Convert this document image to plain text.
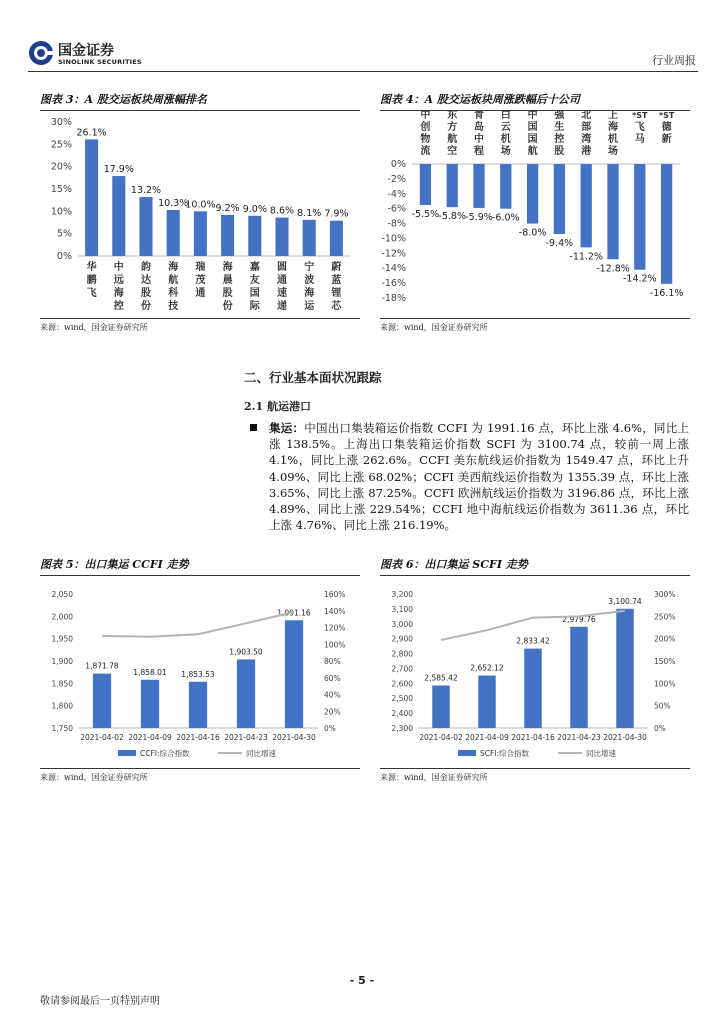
国金证券
SINOLINK SECURITIES	行业周报
图表 3：A 股交运板块周涨幅排名
0%
5%
10%
15%
20%
25%
30%
26.1%
华
鹏
飞
17.9%
中
远
海
控
13.2%
韵
达
股
份
10.3%
海
航
科
技
10.0%
瑞
茂
通
9.2%
海
晨
股
份
9.0%
嘉
友
国
际
8.6%
圆
通
速
递
8.1%
宁
波
海
运
7.9%
蔚
蓝
锂
芯
来源：wind，国金证券研究所
图表 4：A 股交运板块周涨跌幅后十公司
0%
-2%
-4%
-6%
-8%
-10%
-12%
-14%
-16%
-18%
-5.5%
中
创
物
流
-5.8%
东
方
航
空
-5.9%
青
岛
中
程
-6.0%
白
云
机
场
-8.0%
中
国
国
航
-9.4%
强
生
控
股
-11.2%
北
部
湾
港
-12.8%
上
海
机
场
-14.2%
*ST
飞
马
-16.1%
*ST
德
新
来源：wind，国金证券研究所
二、行业基本面状况跟踪
2.1 航运港口
集运：中国出口集装箱运价指数 CCFI 为 1991.16 点，环比上涨 4.6%，同比上涨 138.5%。上海出口集装箱运价指数 SCFI 为 3100.74 点，较前一周上涨 4.1%，同比上涨 262.6%。CCFI 美东航线运价指数为 1549.47 点，环比上升 4.09%、同比上涨 68.02%；CCFI 美西航线运价指数为 1355.39 点，环比上涨 3.65%、同比上涨 87.25%。CCFI 欧洲航线运价指数为 3196.86 点，环比上涨 4.89%、同比上涨 229.54%；CCFI 地中海航线运价指数为 3611.36 点，环比上涨 4.76%、同比上涨 216.19%。
图表 5：出口集运 CCFI 走势
1,750
1,800
1,850
1,900
1,950
2,000
2,050
0%
20%
40%
60%
80%
100%
120%
140%
160%
1,871.78
2021-04-02
1,858.01
2021-04-09
1,853.53
2021-04-16
1,903.50
2021-04-23
1,991.16
2021-04-30
CCFI:综合指数	同比增速
来源：wind，国金证券研究所
图表 6：出口集运 SCFI 走势
2,300
2,400
2,500
2,600
2,700
2,800
2,900
3,000
3,100
3,200
0%
50%
100%
150%
200%
250%
300%
2,585.42
2021-04-02
2,652.12
2021-04-09
2,833.42
2021-04-16
2,979.76
2021-04-23
3,100.74
2021-04-30
SCFI:综合指数	同比增速
来源：wind，国金证券研究所
- 5 -
敬请参阅最后一页特别声明
